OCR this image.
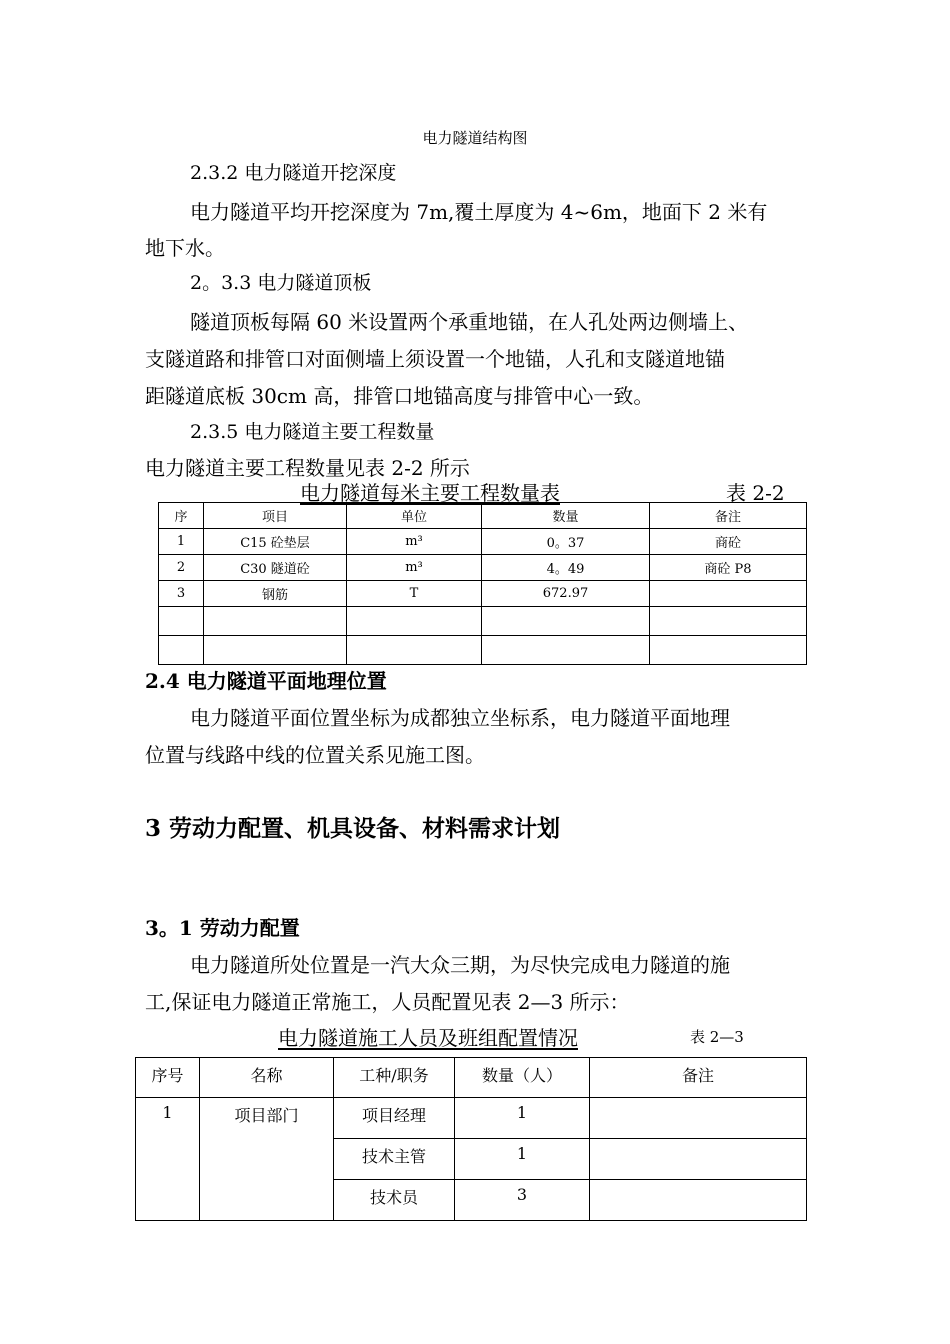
电力隧道结构图
2.3.2 电力隧道开挖深度
电力隧道平均开挖深度为 7m,覆土厚度为 4~6m，地面下 2 米有
地下水。
2。3.3 电力隧道顶板
隧道顶板每隔 60 米设置两个承重地锚，在人孔处两边侧墙上、
支隧道路和排管口对面侧墙上须设置一个地锚，人孔和支隧道地锚
距隧道底板 30cm 高，排管口地锚高度与排管中心一致。
2.3.5 电力隧道主要工程数量
电力隧道主要工程数量见表 2-2 所示
电力隧道每米主要工程数量表	表 2-2
序	项目	单位	数量	备注
1	C15 砼垫层	m³	0。37	商砼
2	C30 隧道砼	m³	4。49	商砼 P8
3	钢筋	T	672.97	

2.4 电力隧道平面地理位置
电力隧道平面位置坐标为成都独立坐标系，电力隧道平面地理
位置与线路中线的位置关系见施工图。
3 劳动力配置、机具设备、材料需求计划
3。1 劳动力配置
电力隧道所处位置是一汽大众三期，为尽快完成电力隧道的施
工,保证电力隧道正常施工，人员配置见表 2—3 所示：
电力隧道施工人员及班组配置情况	表 2—3
序号	名称	工种/职务	数量（人）	备注
1	项目部门	项目经理	1	
		技术主管	1	
		技术员	3	
